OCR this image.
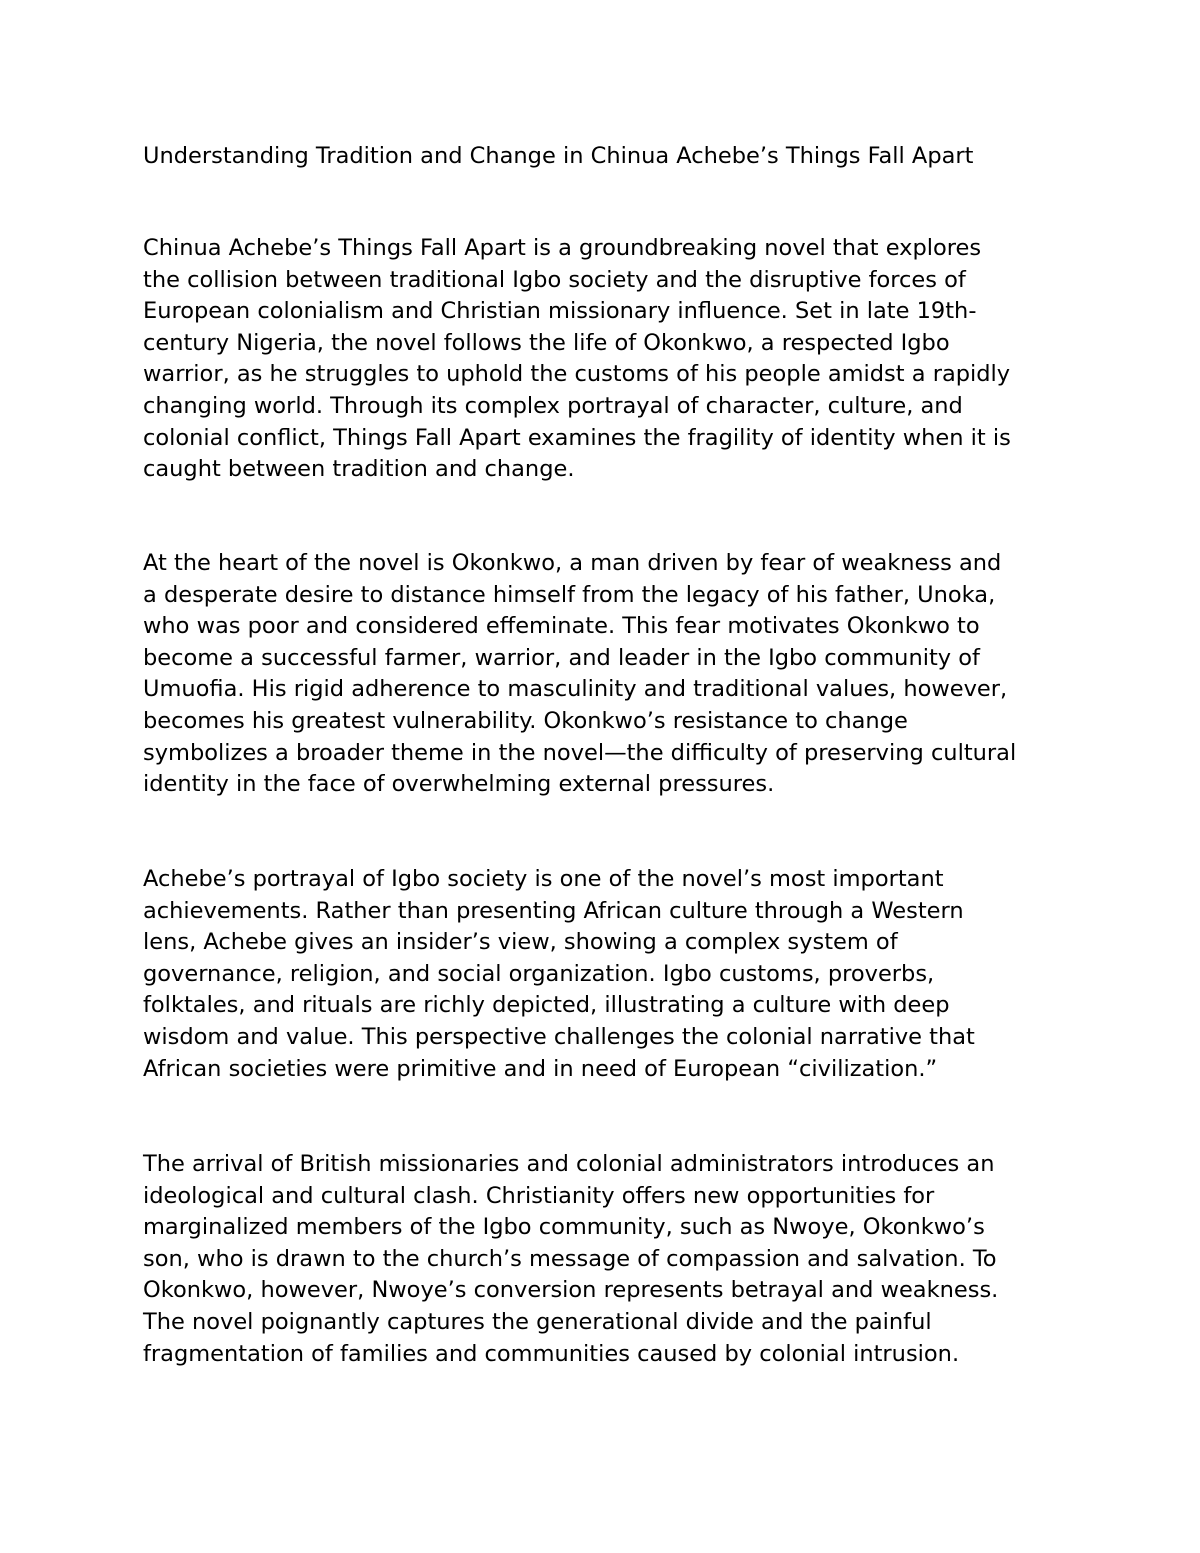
Understanding Tradition and Change in Chinua Achebe’s Things Fall Apart
Chinua Achebe’s Things Fall Apart is a groundbreaking novel that explores
the collision between traditional Igbo society and the disruptive forces of
European colonialism and Christian missionary influence. Set in late 19th-
century Nigeria, the novel follows the life of Okonkwo, a respected Igbo
warrior, as he struggles to uphold the customs of his people amidst a rapidly
changing world. Through its complex portrayal of character, culture, and
colonial conflict, Things Fall Apart examines the fragility of identity when it is
caught between tradition and change.
At the heart of the novel is Okonkwo, a man driven by fear of weakness and
a desperate desire to distance himself from the legacy of his father, Unoka,
who was poor and considered effeminate. This fear motivates Okonkwo to
become a successful farmer, warrior, and leader in the Igbo community of
Umuofia. His rigid adherence to masculinity and traditional values, however,
becomes his greatest vulnerability. Okonkwo’s resistance to change
symbolizes a broader theme in the novel—the difficulty of preserving cultural
identity in the face of overwhelming external pressures.
Achebe’s portrayal of Igbo society is one of the novel’s most important
achievements. Rather than presenting African culture through a Western
lens, Achebe gives an insider’s view, showing a complex system of
governance, religion, and social organization. Igbo customs, proverbs,
folktales, and rituals are richly depicted, illustrating a culture with deep
wisdom and value. This perspective challenges the colonial narrative that
African societies were primitive and in need of European “civilization.”
The arrival of British missionaries and colonial administrators introduces an
ideological and cultural clash. Christianity offers new opportunities for
marginalized members of the Igbo community, such as Nwoye, Okonkwo’s
son, who is drawn to the church’s message of compassion and salvation. To
Okonkwo, however, Nwoye’s conversion represents betrayal and weakness.
The novel poignantly captures the generational divide and the painful
fragmentation of families and communities caused by colonial intrusion.
